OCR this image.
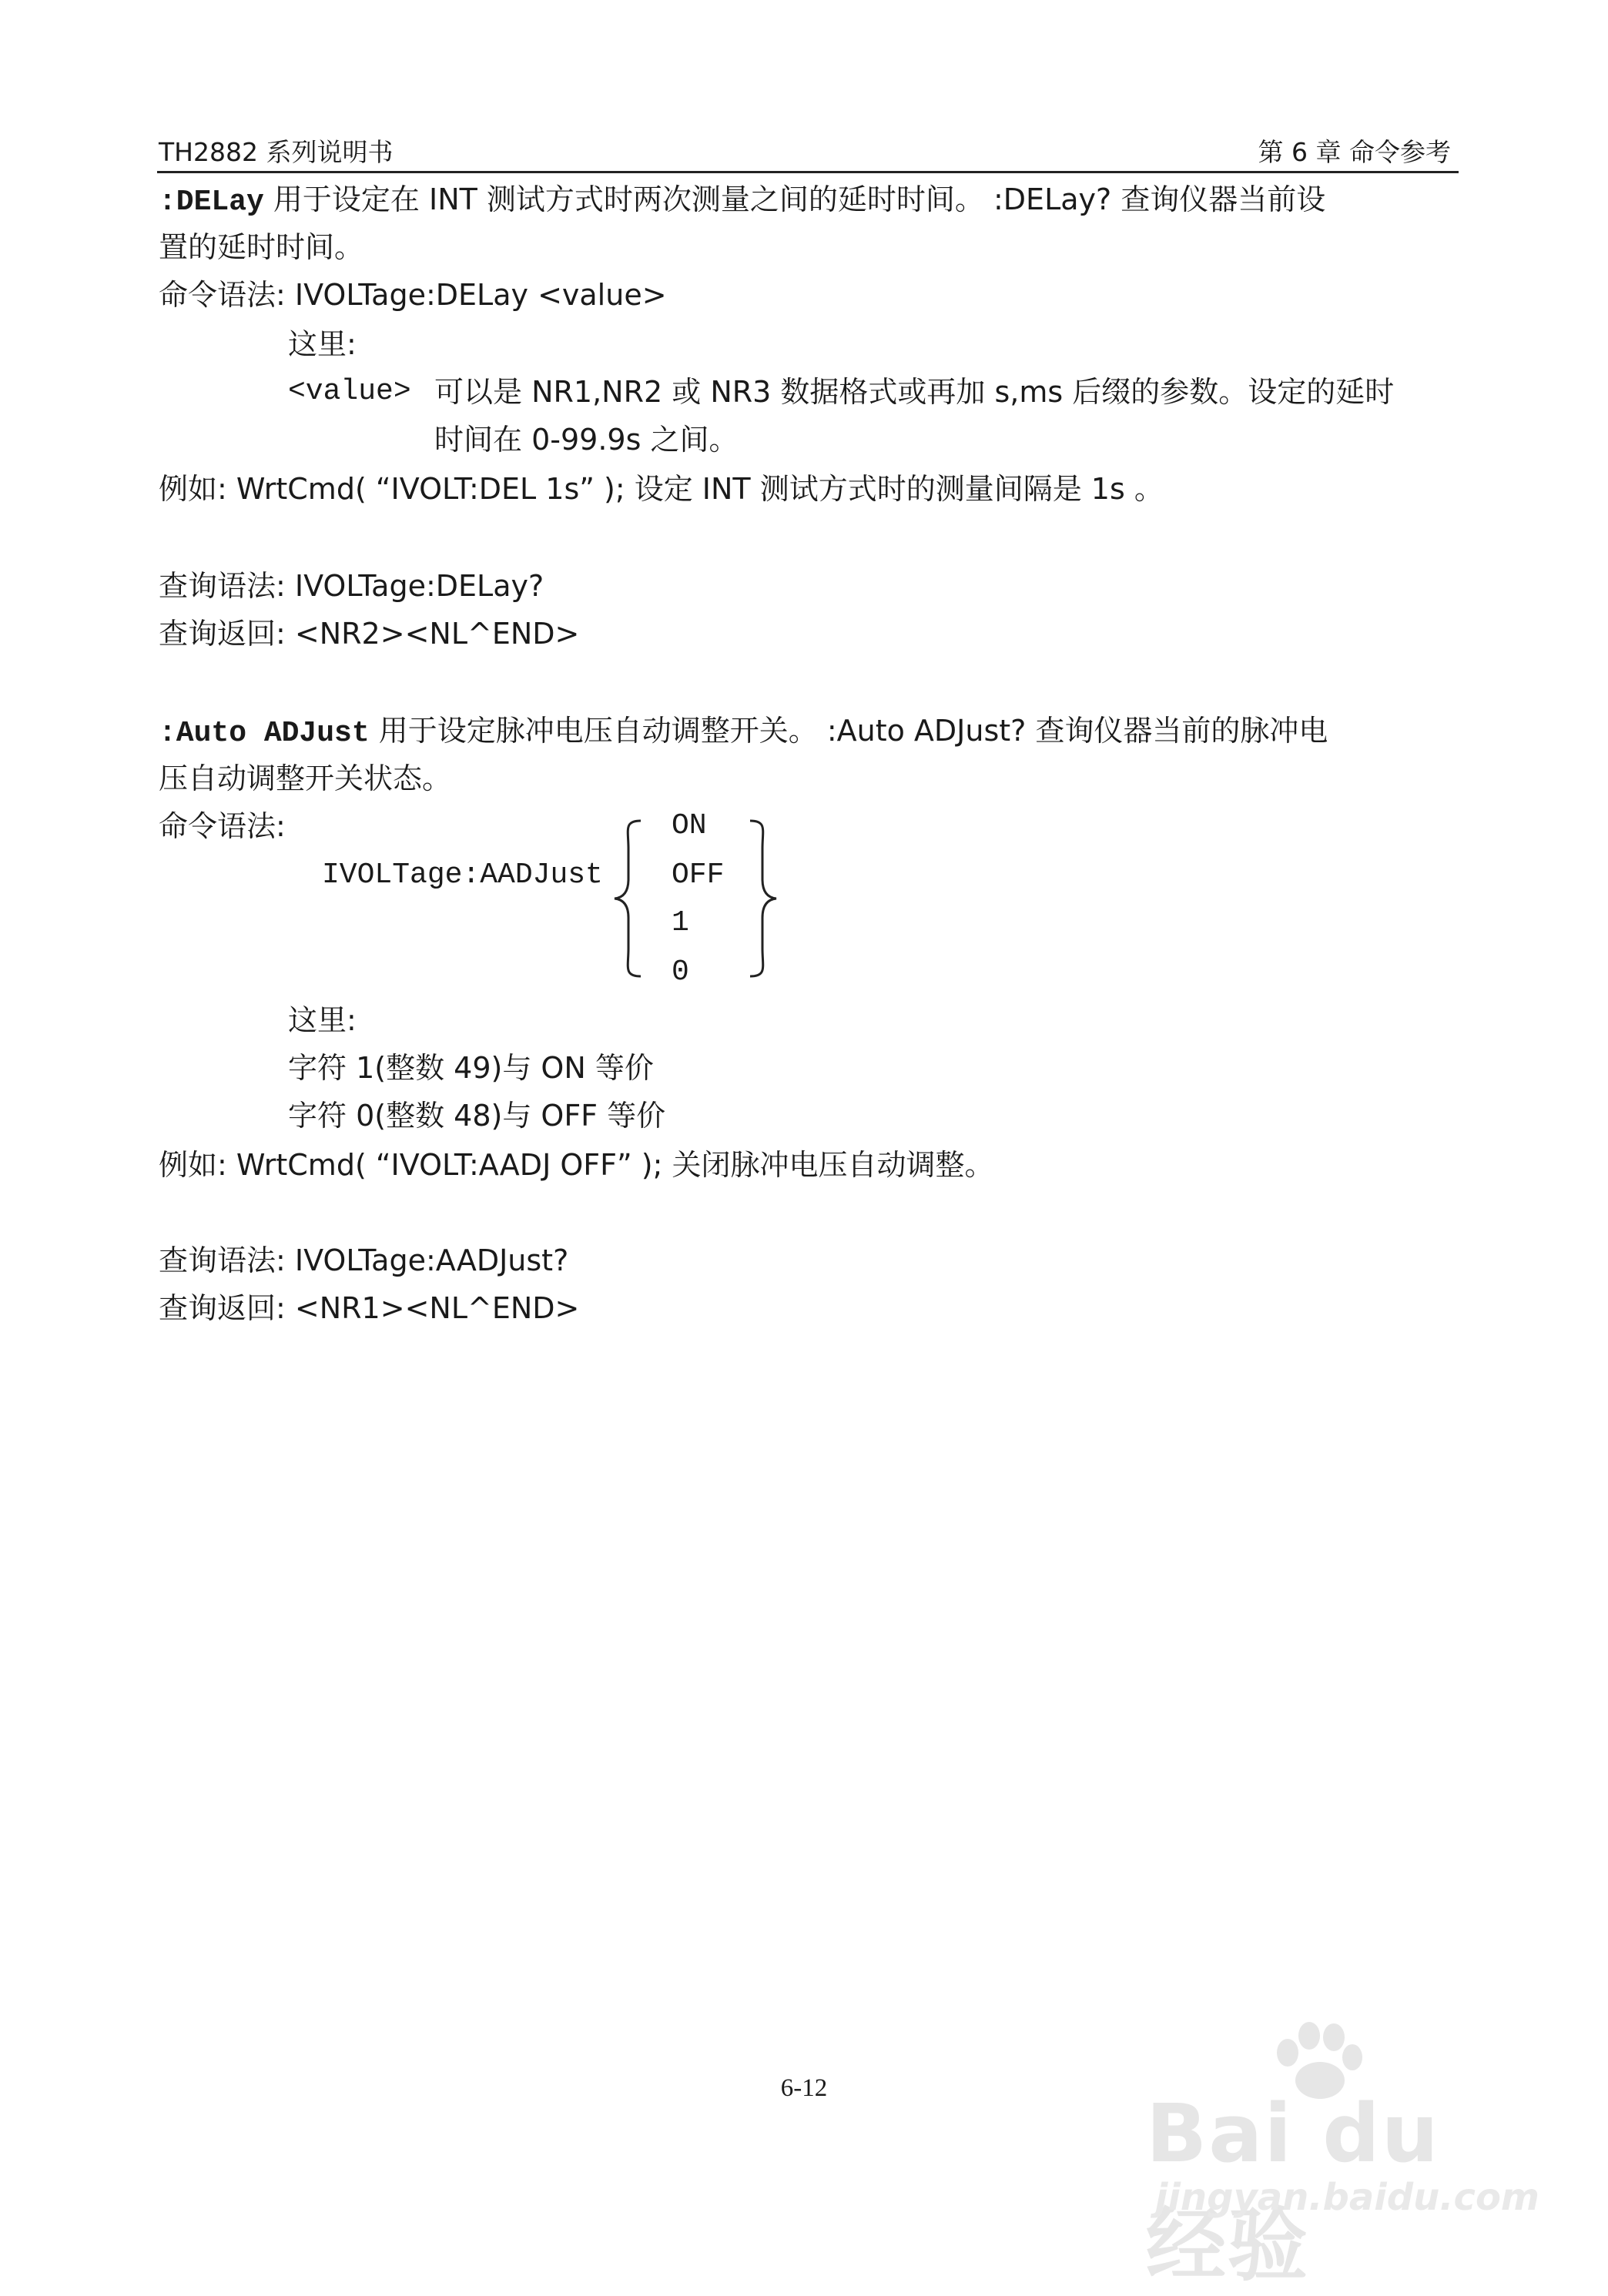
TH2882 系列说明书	第 6 章 命令参考
:DELay 用于设定在 INT 测试方式时两次测量之间的延时时间。 :DELay? 查询仪器当前设
置的延时时间。
命令语法: IVOLTage:DELay <value>
这里:
<value> 可以是 NR1,NR2 或 NR3 数据格式或再加 s,ms 后缀的参数。设定的延时
时间在 0-99.9s 之间。
例如: WrtCmd( “IVOLT:DEL 1s” ); 设定 INT 测试方式时的测量间隔是 1s 。
查询语法: IVOLTage:DELay?
查询返回: <NR2><NL^END>
:Auto ADJust 用于设定脉冲电压自动调整开关。 :Auto ADJust? 查询仪器当前的脉冲电
压自动调整开关状态。
命令语法:
IVOLTage:AADJust
ON
OFF
1
0
这里:
字符 1(整数 49)与 ON 等价
字符 0(整数 48)与 OFF 等价
例如: WrtCmd( “IVOLT:AADJ OFF” ); 关闭脉冲电压自动调整。
查询语法: IVOLTage:AADJust?
查询返回: <NR1><NL^END>
6-12	Bai du 经验
jingyan.baidu.com
